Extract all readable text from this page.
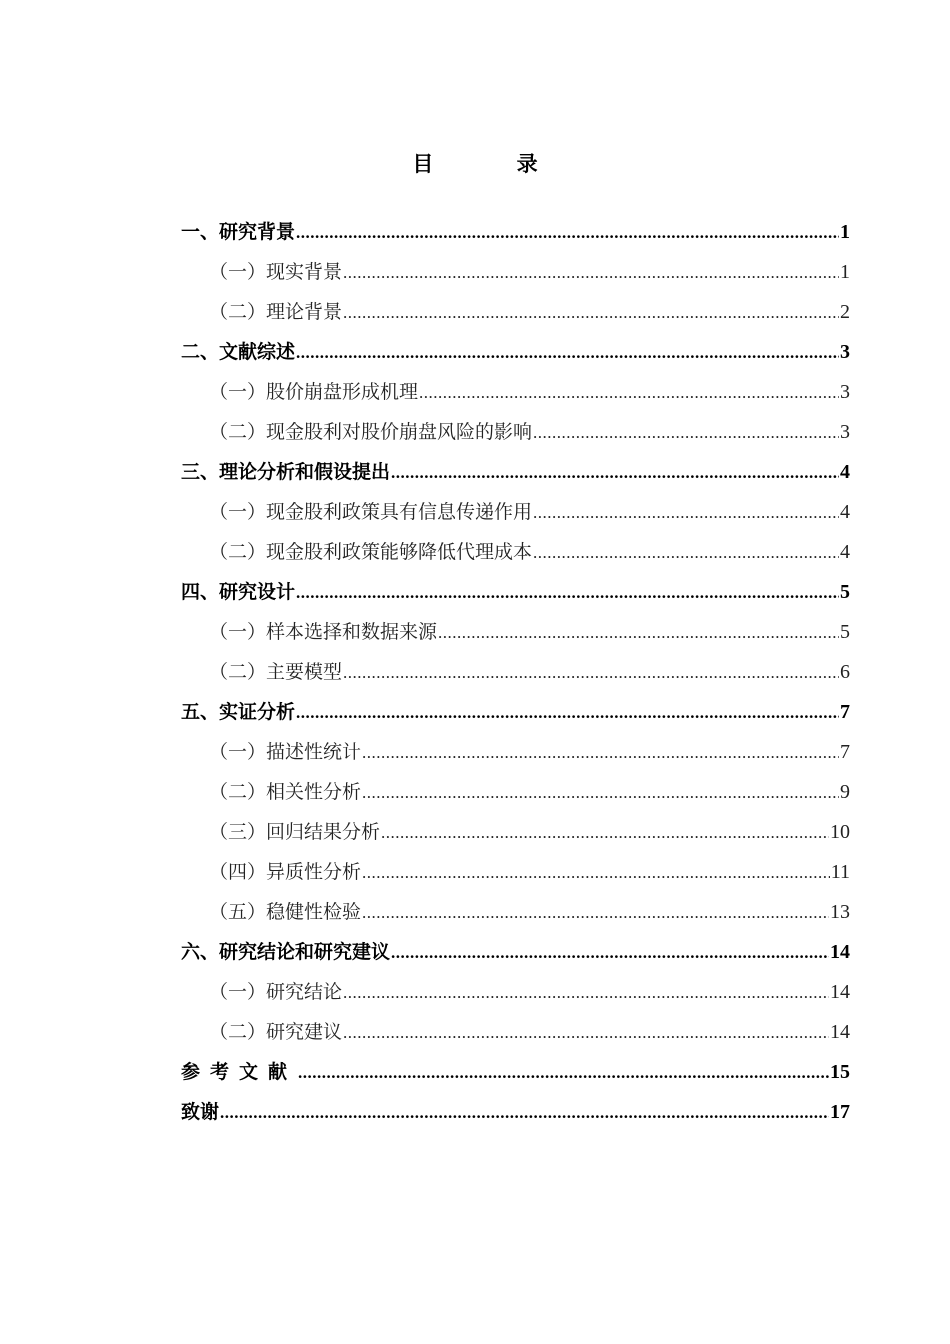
目 录
一、研究背景 .....	1
（一）现实背景 .....	1
（二）理论背景 .....	2
二、文献综述 .....	3
（一）股价崩盘形成机理 .....	3
（二）现金股利对股价崩盘风险的影响 .....	3
三、理论分析和假设提出 .....	4
（一）现金股利政策具有信息传递作用 .....	4
（二）现金股利政策能够降低代理成本 .....	4
四、研究设计 .....	5
（一）样本选择和数据来源 .....	5
（二）主要模型 .....	6
五、实证分析 .....	7
（一）描述性统计 .....	7
（二）相关性分析 .....	9
（三）回归结果分析 .....	10
（四）异质性分析 .....	11
（五）稳健性检验 .....	13
六、研究结论和研究建议 .....	14
（一）研究结论 .....	14
（二）研究建议 .....	14
参考文献 .....	15
致谢 .....	17
